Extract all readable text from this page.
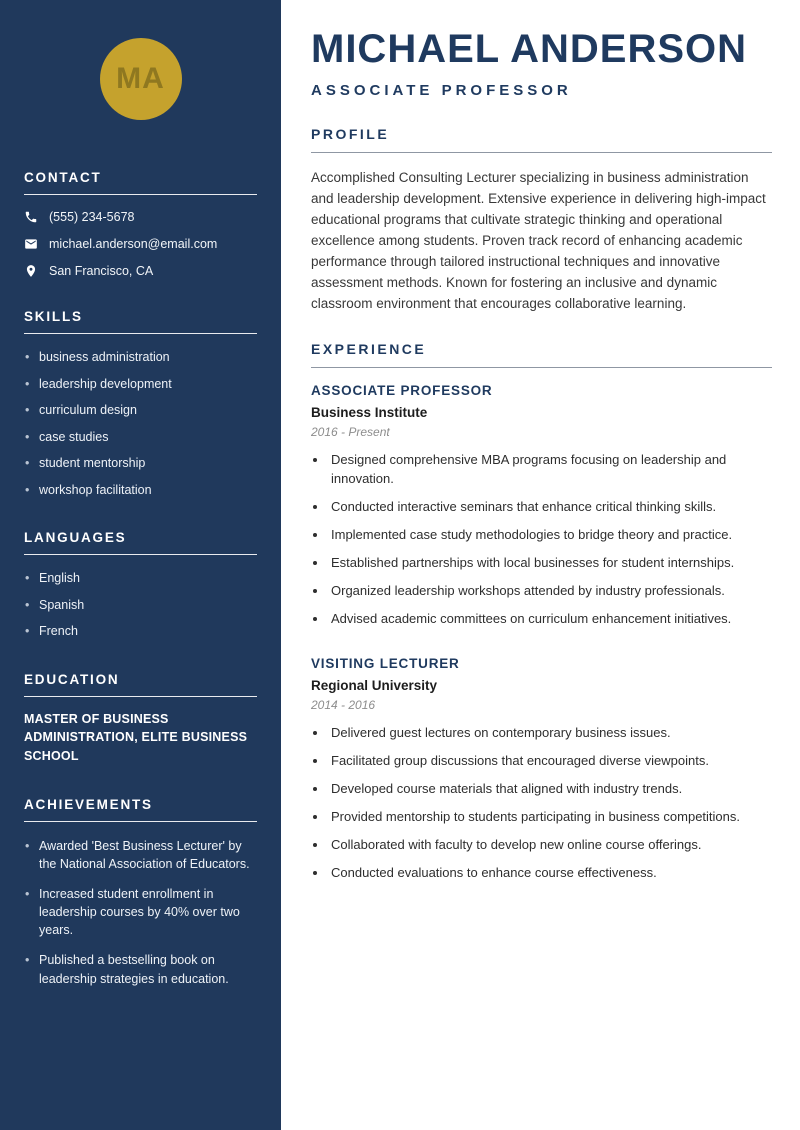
MA
CONTACT
(555) 234-5678
michael.anderson@email.com
San Francisco, CA
SKILLS
• business administration
• leadership development
• curriculum design
• case studies
• student mentorship
• workshop facilitation
LANGUAGES
• English
• Spanish
• French
EDUCATION
MASTER OF BUSINESS ADMINISTRATION, ELITE BUSINESS SCHOOL
ACHIEVEMENTS
• Awarded 'Best Business Lecturer' by the National Association of Educators.
• Increased student enrollment in leadership courses by 40% over two years.
• Published a bestselling book on leadership strategies in education.
MICHAEL ANDERSON
ASSOCIATE PROFESSOR
PROFILE

Accomplished Consulting Lecturer specializing in business administration and leadership development. Extensive experience in delivering high-impact educational programs that cultivate strategic thinking and operational excellence among students. Proven track record of enhancing academic performance through tailored instructional techniques and innovative assessment methods. Known for fostering an inclusive and dynamic classroom environment that encourages collaborative learning.

EXPERIENCE
ASSOCIATE PROFESSOR
Business Institute
2016 - Present
• Designed comprehensive MBA programs focusing on leadership and innovation.
• Conducted interactive seminars that enhance critical thinking skills.
• Implemented case study methodologies to bridge theory and practice.
• Established partnerships with local businesses for student internships.
• Organized leadership workshops attended by industry professionals.
• Advised academic committees on curriculum enhancement initiatives.
VISITING LECTURER
Regional University
2014 - 2016
• Delivered guest lectures on contemporary business issues.
• Facilitated group discussions that encouraged diverse viewpoints.
• Developed course materials that aligned with industry trends.
• Provided mentorship to students participating in business competitions.
• Collaborated with faculty to develop new online course offerings.
• Conducted evaluations to enhance course effectiveness.
